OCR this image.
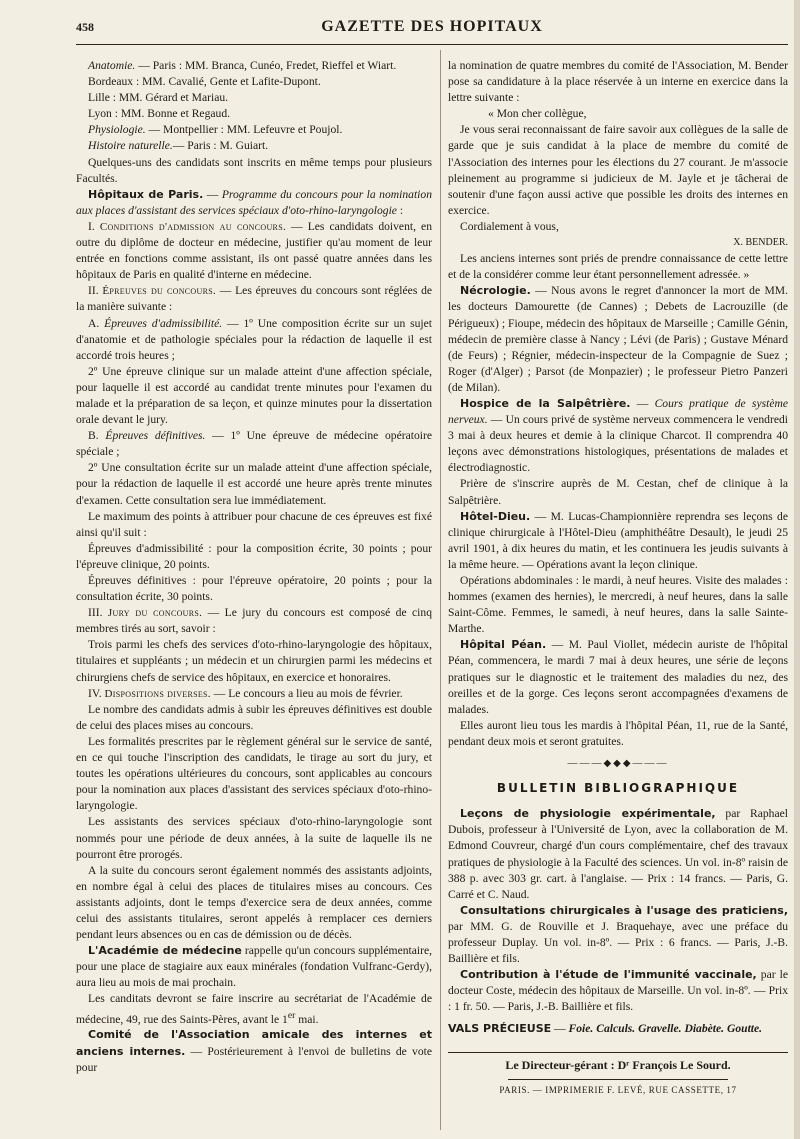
458	GAZETTE DES HOPITAUX

Anatomie. — Paris : MM. Branca, Cunéo, Fredet, Rieffel et Wiart.

Bordeaux : MM. Cavalié, Gente et Lafite-Dupont.

Lille : MM. Gérard et Mariau.

Lyon : MM. Bonne et Regaud.

Physiologie. — Montpellier : MM. Lefeuvre et Poujol.

Histoire naturelle.— Paris : M. Guiart.

Quelques-uns des candidats sont inscrits en même temps pour plusieurs Facultés.

Hôpitaux de Paris. — Programme du concours pour la nomination aux places d'assistant des services spéciaux d'oto-rhino-laryngologie :

I. Conditions d'admission au concours. — Les candidats doivent, en outre du diplôme de docteur en médecine, justifier qu'au moment de leur entrée en fonctions comme assistant, ils ont passé quatre années dans les hôpitaux de Paris en qualité d'interne en médecine.

II. Épreuves du concours. — Les épreuves du concours sont réglées de la manière suivante :

A. Épreuves d'admissibilité. — 1º Une composition écrite sur un sujet d'anatomie et de pathologie spéciales pour la rédaction de laquelle il est accordé trois heures ;

2º Une épreuve clinique sur un malade atteint d'une affection spéciale, pour laquelle il est accordé au candidat trente minutes pour l'examen du malade et la préparation de sa leçon, et quinze minutes pour la dissertation orale devant le jury.

B. Épreuves définitives. — 1º Une épreuve de médecine opératoire spéciale ;

2º Une consultation écrite sur un malade atteint d'une affection spéciale, pour la rédaction de laquelle il est accordé une heure après trente minutes d'examen. Cette consultation sera lue immédiatement.

Le maximum des points à attribuer pour chacune de ces épreuves est fixé ainsi qu'il suit :

Épreuves d'admissibilité : pour la composition écrite, 30 points ; pour l'épreuve clinique, 20 points.

Épreuves définitives : pour l'épreuve opératoire, 20 points ; pour la consultation écrite, 30 points.

III. Jury du concours. — Le jury du concours est composé de cinq membres tirés au sort, savoir :

Trois parmi les chefs des services d'oto-rhino-laryngologie des hôpitaux, titulaires et suppléants ; un médecin et un chirurgien parmi les médecins et chirurgiens chefs de service des hôpitaux, en exercice et honoraires.

IV. Dispositions diverses. — Le concours a lieu au mois de février.

Le nombre des candidats admis à subir les épreuves définitives est double de celui des places mises au concours.

Les formalités prescrites par le règlement général sur le service de santé, en ce qui touche l'inscription des candidats, le tirage au sort du jury, et toutes les opérations ultérieures du concours, sont applicables au concours pour la nomination aux places d'assistant des services spéciaux d'oto-rhino-laryngologie.

Les assistants des services spéciaux d'oto-rhino-laryngologie sont nommés pour une période de deux années, à la suite de laquelle ils ne pourront être prorogés.

A la suite du concours seront également nommés des assistants adjoints, en nombre égal à celui des places de titulaires mises au concours. Ces assistants adjoints, dont le temps d'exercice sera de deux années, comme celui des assistants titulaires, seront appelés à remplacer ces derniers pendant leurs absences ou en cas de démission ou de décès.

L'Académie de médecine rappelle qu'un concours supplémentaire, pour une place de stagiaire aux eaux minérales (fondation Vulfranc-Gerdy), aura lieu au mois de mai prochain.

Les canditats devront se faire inscrire au secrétariat de l'Académie de médecine, 49, rue des Saints-Pères, avant le 1er mai.

Comité de l'Association amicale des internes et anciens internes. — Postérieurement à l'envoi de bulletins de vote pour

la nomination de quatre membres du comité de l'Association, M. Bender pose sa candidature à la place réservée à un interne en exercice dans la lettre suivante :

« Mon cher collègue,

Je vous serai reconnaissant de faire savoir aux collègues de la salle de garde que je suis candidat à la place de membre du comité de l'Association des internes pour les élections du 27 courant. Je m'associe pleinement au programme si judicieux de M. Jayle et je tâcherai de soutenir d'une façon aussi active que possible les droits des internes en exercice.

Cordialement à vous,

X. BENDER.

Les anciens internes sont priés de prendre connaissance de cette lettre et de la considérer comme leur étant personnellement adressée. »

Nécrologie. — Nous avons le regret d'annoncer la mort de MM. les docteurs Damourette (de Cannes) ; Debets de Lacrouzille (de Périgueux) ; Fioupe, médecin des hôpitaux de Marseille ; Camille Génin, médecin de première classe à Nancy ; Lévi (de Paris) ; Gustave Ménard (de Feurs) ; Régnier, médecin-inspecteur de la Compagnie de Suez ; Roger (d'Alger) ; Parsot (de Monpazier) ; le professeur Pietro Panzeri (de Milan).

Hospice de la Salpêtrière. — Cours pratique de système nerveux. — Un cours privé de système nerveux commencera le vendredi 3 mai à deux heures et demie à la clinique Charcot. Il comprendra 40 leçons avec démonstrations histologiques, présentations de malades et électrodiagnostic.

Prière de s'inscrire auprès de M. Cestan, chef de clinique à la Salpêtrière.

Hôtel-Dieu. — M. Lucas-Championnière reprendra ses leçons de clinique chirurgicale à l'Hôtel-Dieu (amphithéâtre Desault), le jeudi 25 avril 1901, à dix heures du matin, et les continuera les jeudis suivants à la même heure. — Opérations avant la leçon clinique.

Opérations abdominales : le mardi, à neuf heures. Visite des malades : hommes (examen des hernies), le mercredi, à neuf heures, dans la salle Saint-Côme. Femmes, le samedi, à neuf heures, dans la salle Sainte-Marthe.

Hôpital Péan. — M. Paul Viollet, médecin auriste de l'hôpital Péan, commencera, le mardi 7 mai à deux heures, une série de leçons pratiques sur le diagnostic et le traitement des maladies du nez, des oreilles et de la gorge. Ces leçons seront accompagnées d'examens de malades.

Elles auront lieu tous les mardis à l'hôpital Péan, 11, rue de la Santé, pendant deux mois et seront gratuites.

———◆◆◆———
BULLETIN BIBLIOGRAPHIQUE

Leçons de physiologie expérimentale, par Raphael Dubois, professeur à l'Université de Lyon, avec la collaboration de M. Edmond Couvreur, chargé d'un cours complémentaire, chef des travaux pratiques de physiologie à la Faculté des sciences. Un vol. in-8º raisin de 388 p. avec 303 gr. cart. à l'anglaise. — Prix : 14 francs. — Paris, G. Carré et C. Naud.

Consultations chirurgicales à l'usage des praticiens, par MM. G. de Rouville et J. Braquehaye, avec une préface du professeur Duplay. Un vol. in-8º. — Prix : 6 francs. — Paris, J.-B. Baillière et fils.

Contribution à l'étude de l'immunité vaccinale, par le docteur Coste, médecin des hôpitaux de Marseille. Un vol. in-8º. — Prix : 1 fr. 50. — Paris, J.-B. Baillière et fils.

VALS PRÉCIEUSE — Foie. Calculs. Gravelle. Diabète. Goutte.

Le Directeur-gérant : Dʳ François Le Sourd.
PARIS. — IMPRIMERIE F. LEVÉ, RUE CASSETTE, 17
